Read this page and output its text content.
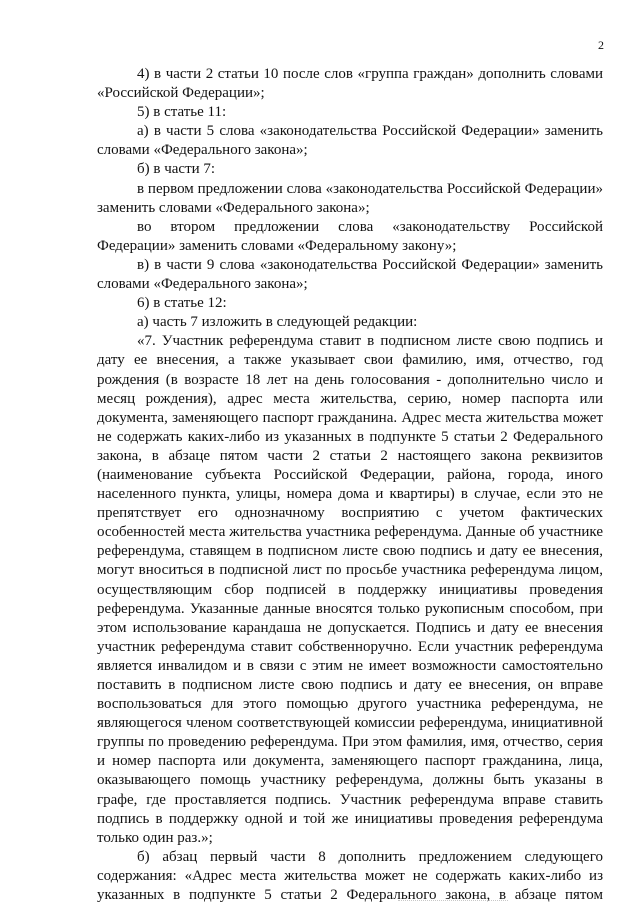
2

4) в части 2 статьи 10 после слов «группа граждан» дополнить словами «Российской Федерации»;

5) в статье 11:

а) в части 5 слова «законодательства Российской Федерации» заменить словами «Федерального закона»;

б) в части 7:

в первом предложении слова «законодательства Российской Федерации» заменить словами «Федерального закона»;

во втором предложении слова «законодательству Российской Федерации» заменить словами «Федеральному закону»;

в) в части 9 слова «законодательства Российской Федерации» заменить словами «Федерального закона»;

6) в статье 12:

а) часть 7 изложить в следующей редакции:

«7. Участник референдума ставит в подписном листе свою подпись и дату ее внесения, а также указывает свои фамилию, имя, отчество, год рождения (в возрасте 18 лет на день голосования - дополнительно число и месяц рождения), адрес места жительства, серию, номер паспорта или документа, заменяющего паспорт гражданина. Адрес места жительства может не содержать каких-либо из указанных в подпункте 5 статьи 2 Федерального закона, в абзаце пятом части 2 статьи 2 настоящего закона реквизитов (наименование субъекта Российской Федерации, района, города, иного населенного пункта, улицы, номера дома и квартиры) в случае, если это не препятствует его однозначному восприятию с учетом фактических особенностей места жительства участника референдума. Данные об участнике референдума, ставящем в подписном листе свою подпись и дату ее внесения, могут вноситься в подписной лист по просьбе участника референдума лицом, осуществляющим сбор подписей в поддержку инициативы проведения референдума. Указанные данные вносятся только рукописным способом, при этом использование карандаша не допускается. Подпись и дату ее внесения участник референдума ставит собственноручно. Если участник референдума является инвалидом и в связи с этим не имеет возможности самостоятельно поставить в подписном листе свою подпись и дату ее внесения, он вправе воспользоваться для этого помощью другого участника референдума, не являющегося членом соответствующей комиссии референдума, инициативной группы по проведению референдума. При этом фамилия, имя, отчество, серия и номер паспорта или документа, заменяющего паспорт гражданина, лица, оказывающего помощь участнику референдума, должны быть указаны в графе, где проставляется подпись. Участник референдума вправе ставить подпись в поддержку одной и той же инициативы проведения референдума только один раз.»;

б) абзац первый части 8 дополнить предложением следующего содержания: «Адрес места жительства может не содержать каких-либо из указанных в подпункте 5 статьи 2 Федерального закона, в абзаце пятом
